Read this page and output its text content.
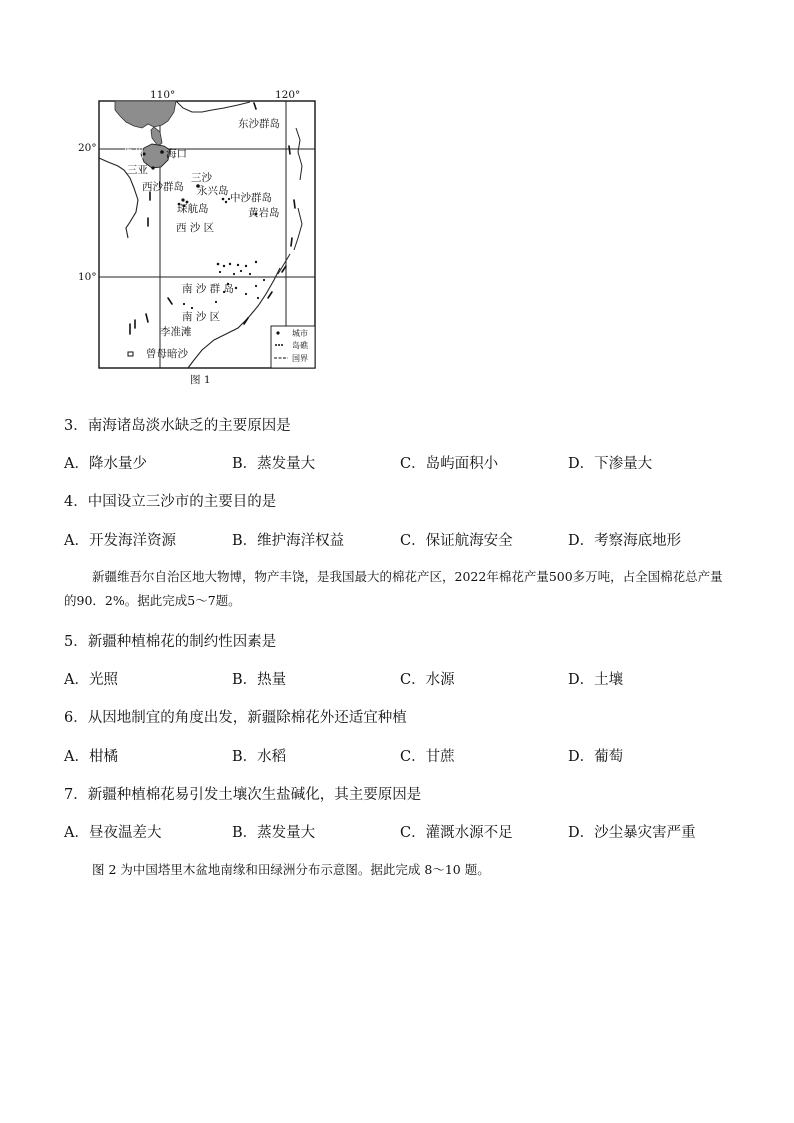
110°	120°
20°
10°
东沙群岛
儋州 海口
三亚
三沙
西沙群岛 永兴岛
中沙群岛
琛航岛	黄岩岛
西 沙 区
南 沙 群 岛
南 沙 区
李准滩
曾母暗沙
城市
岛礁
国界
图 1
3．南海诸岛淡水缺乏的主要原因是
A．降水量少	B．蒸发量大	C．岛屿面积小	D．下渗量大
4．中国设立三沙市的主要目的是
A．开发海洋资源	B．维护海洋权益	C．保证航海安全	D．考察海底地形
新疆维吾尔自治区地大物博，物产丰饶，是我国最大的棉花产区，2022年棉花产量500多万吨，占全国棉花总产量的90．2%。据此完成5～7题。
5．新疆种植棉花的制约性因素是
A．光照	B．热量	C．水源	D．土壤
6．从因地制宜的角度出发，新疆除棉花外还适宜种植
A．柑橘	B．水稻	C．甘蔗	D．葡萄
7．新疆种植棉花易引发土壤次生盐碱化，其主要原因是
A．昼夜温差大	B．蒸发量大	C．灌溉水源不足	D．沙尘暴灾害严重
图 2 为中国塔里木盆地南缘和田绿洲分布示意图。据此完成 8～10 题。
